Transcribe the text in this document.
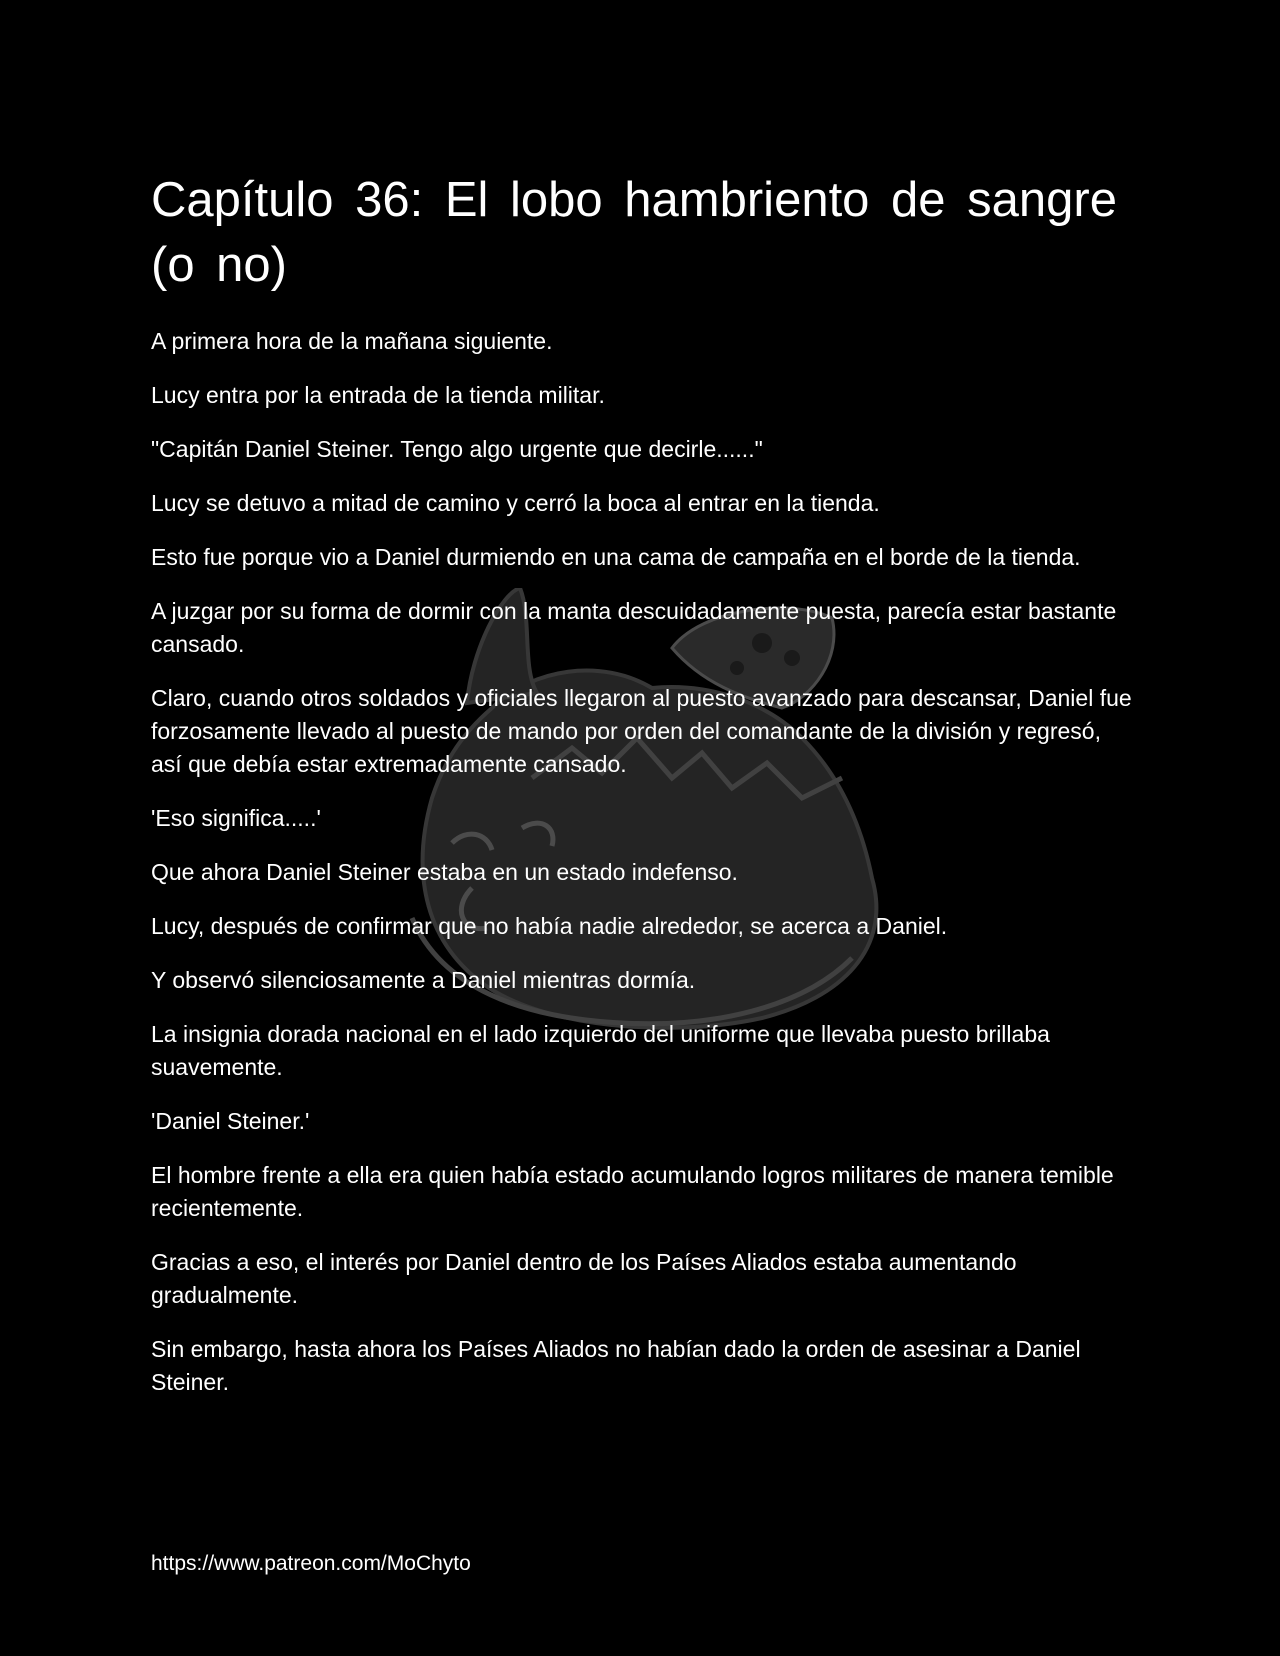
Capítulo 36: El lobo hambriento de sangre (o no)

A primera hora de la mañana siguiente.

Lucy entra por la entrada de la tienda militar.

"Capitán Daniel Steiner. Tengo algo urgente que decirle......"

Lucy se detuvo a mitad de camino y cerró la boca al entrar en la tienda.

Esto fue porque vio a Daniel durmiendo en una cama de campaña en el borde de la tienda.

A juzgar por su forma de dormir con la manta descuidadamente puesta, parecía estar bastante cansado.

Claro, cuando otros soldados y oficiales llegaron al puesto avanzado para descansar, Daniel fue forzosamente llevado al puesto de mando por orden del comandante de la división y regresó, así que debía estar extremadamente cansado.

'Eso significa.....'

Que ahora Daniel Steiner estaba en un estado indefenso.

Lucy, después de confirmar que no había nadie alrededor, se acerca a Daniel.

Y observó silenciosamente a Daniel mientras dormía.

La insignia dorada nacional en el lado izquierdo del uniforme que llevaba puesto brillaba suavemente.

'Daniel Steiner.'

El hombre frente a ella era quien había estado acumulando logros militares de manera temible recientemente.

Gracias a eso, el interés por Daniel dentro de los Países Aliados estaba aumentando gradualmente.

Sin embargo, hasta ahora los Países Aliados no habían dado la orden de asesinar a Daniel Steiner.

https://www.patreon.com/MoChyto
